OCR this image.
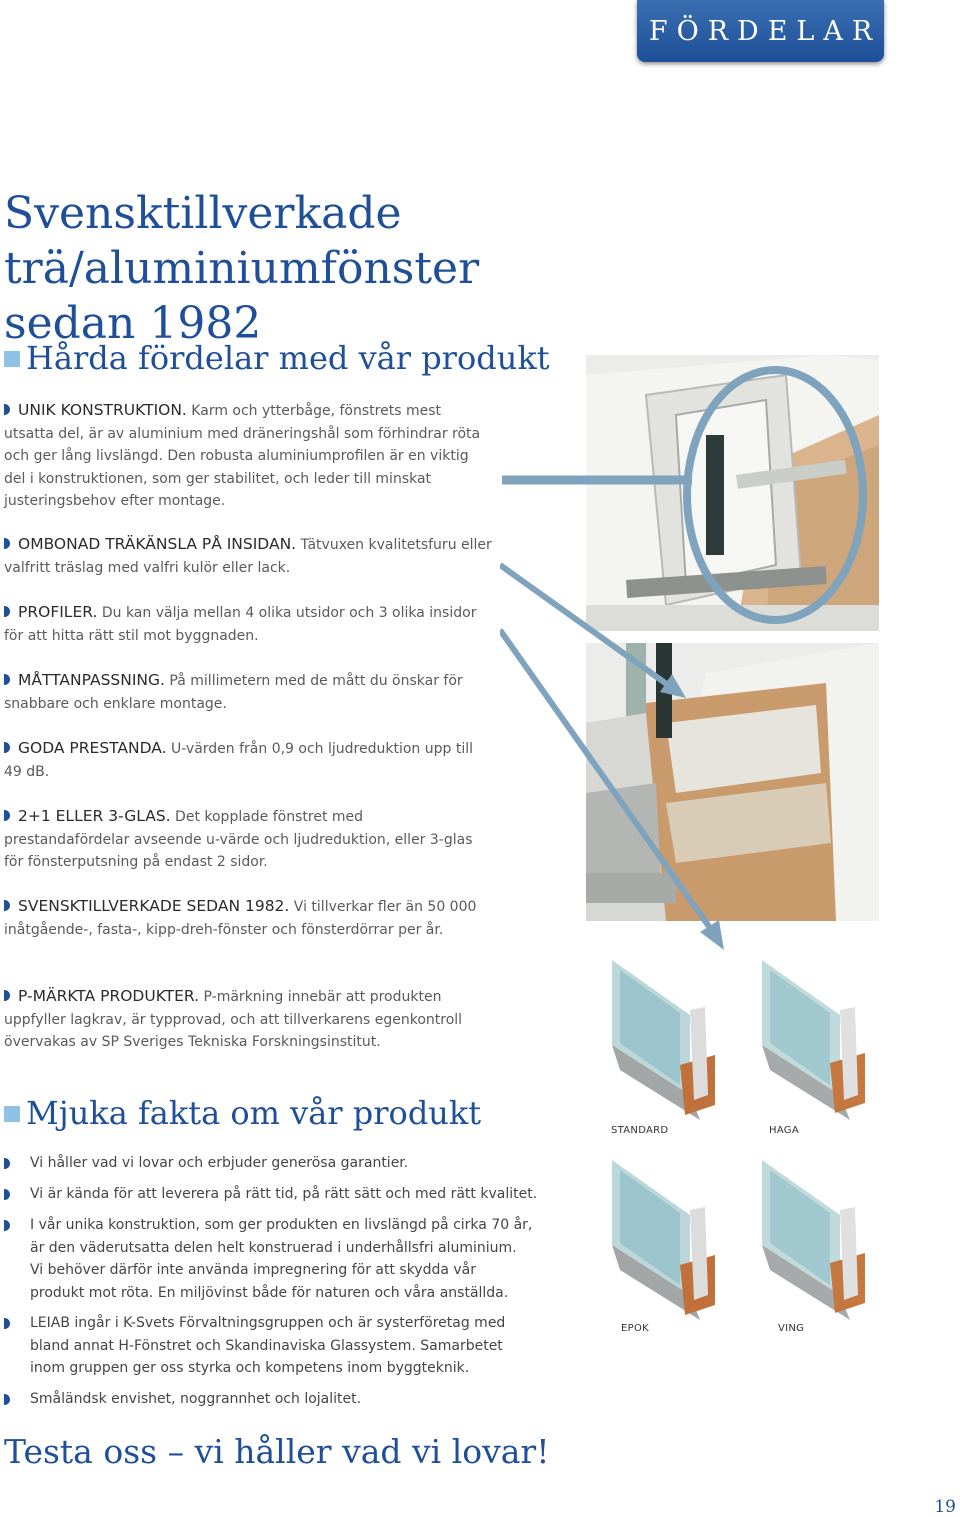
FÖRDELAR
Svensktillverkade trä/aluminiumfönster
sedan 1982
Hårda fördelar med vår produkt

UNIK KONSTRUKTION. Karm och ytterbåge, fönstrets mest utsatta del, är av aluminium med dräneringshål som förhindrar röta och ger lång livslängd. Den robusta aluminiumprofilen är en viktig del i konstruktionen, som ger stabilitet, och leder till minskat justeringsbehov efter montage.

OMBONAD TRÄKÄNSLA PÅ INSIDAN. Tätvuxen kvalitetsfuru eller valfritt träslag med valfri kulör eller lack.

PROFILER. Du kan välja mellan 4 olika utsidor och 3 olika insidor för att hitta rätt stil mot byggnaden.

MÅTTANPASSNING. På millimetern med de mått du önskar för snabbare och enklare montage.

GODA PRESTANDA. U-värden från 0,9 och ljudreduktion upp till 49 dB.

2+1 ELLER 3-GLAS. Det kopplade fönstret med prestandafördelar avseende u-värde och ljudreduktion, eller 3-glas för fönsterputsning på endast 2 sidor.

SVENSKTILLVERKADE SEDAN 1982. Vi tillverkar fler än 50 000 inåtgående-, fasta-, kipp-dreh-fönster och fönsterdörrar per år.

P-MÄRKTA PRODUKTER. P-märkning innebär att produkten uppfyller lagkrav, är typprovad, och att tillverkarens egenkontroll övervakas av SP Sveriges Tekniska Forskningsinstitut.

Mjuka fakta om vår produkt

Vi håller vad vi lovar och erbjuder generösa garantier.

Vi är kända för att leverera på rätt tid, på rätt sätt och med rätt kvalitet.

I vår unika konstruktion, som ger produkten en livslängd på cirka 70 år, är den väderutsatta delen helt konstruerad i underhållsfri aluminium. Vi behöver därför inte använda impregnering för att skydda vår produkt mot röta. En miljövinst både för naturen och våra anställda.

LEIAB ingår i K-Svets Förvaltningsgruppen och är systerföretag med bland annat H-Fönstret och Skandinaviska Glassystem. Samarbetet inom gruppen ger oss styrka och kompetens inom byggteknik.

Småländsk envishet, noggrannhet och lojalitet.

Testa oss – vi håller vad vi lovar!
STANDARD	HAGA
EPOK	VING
19
